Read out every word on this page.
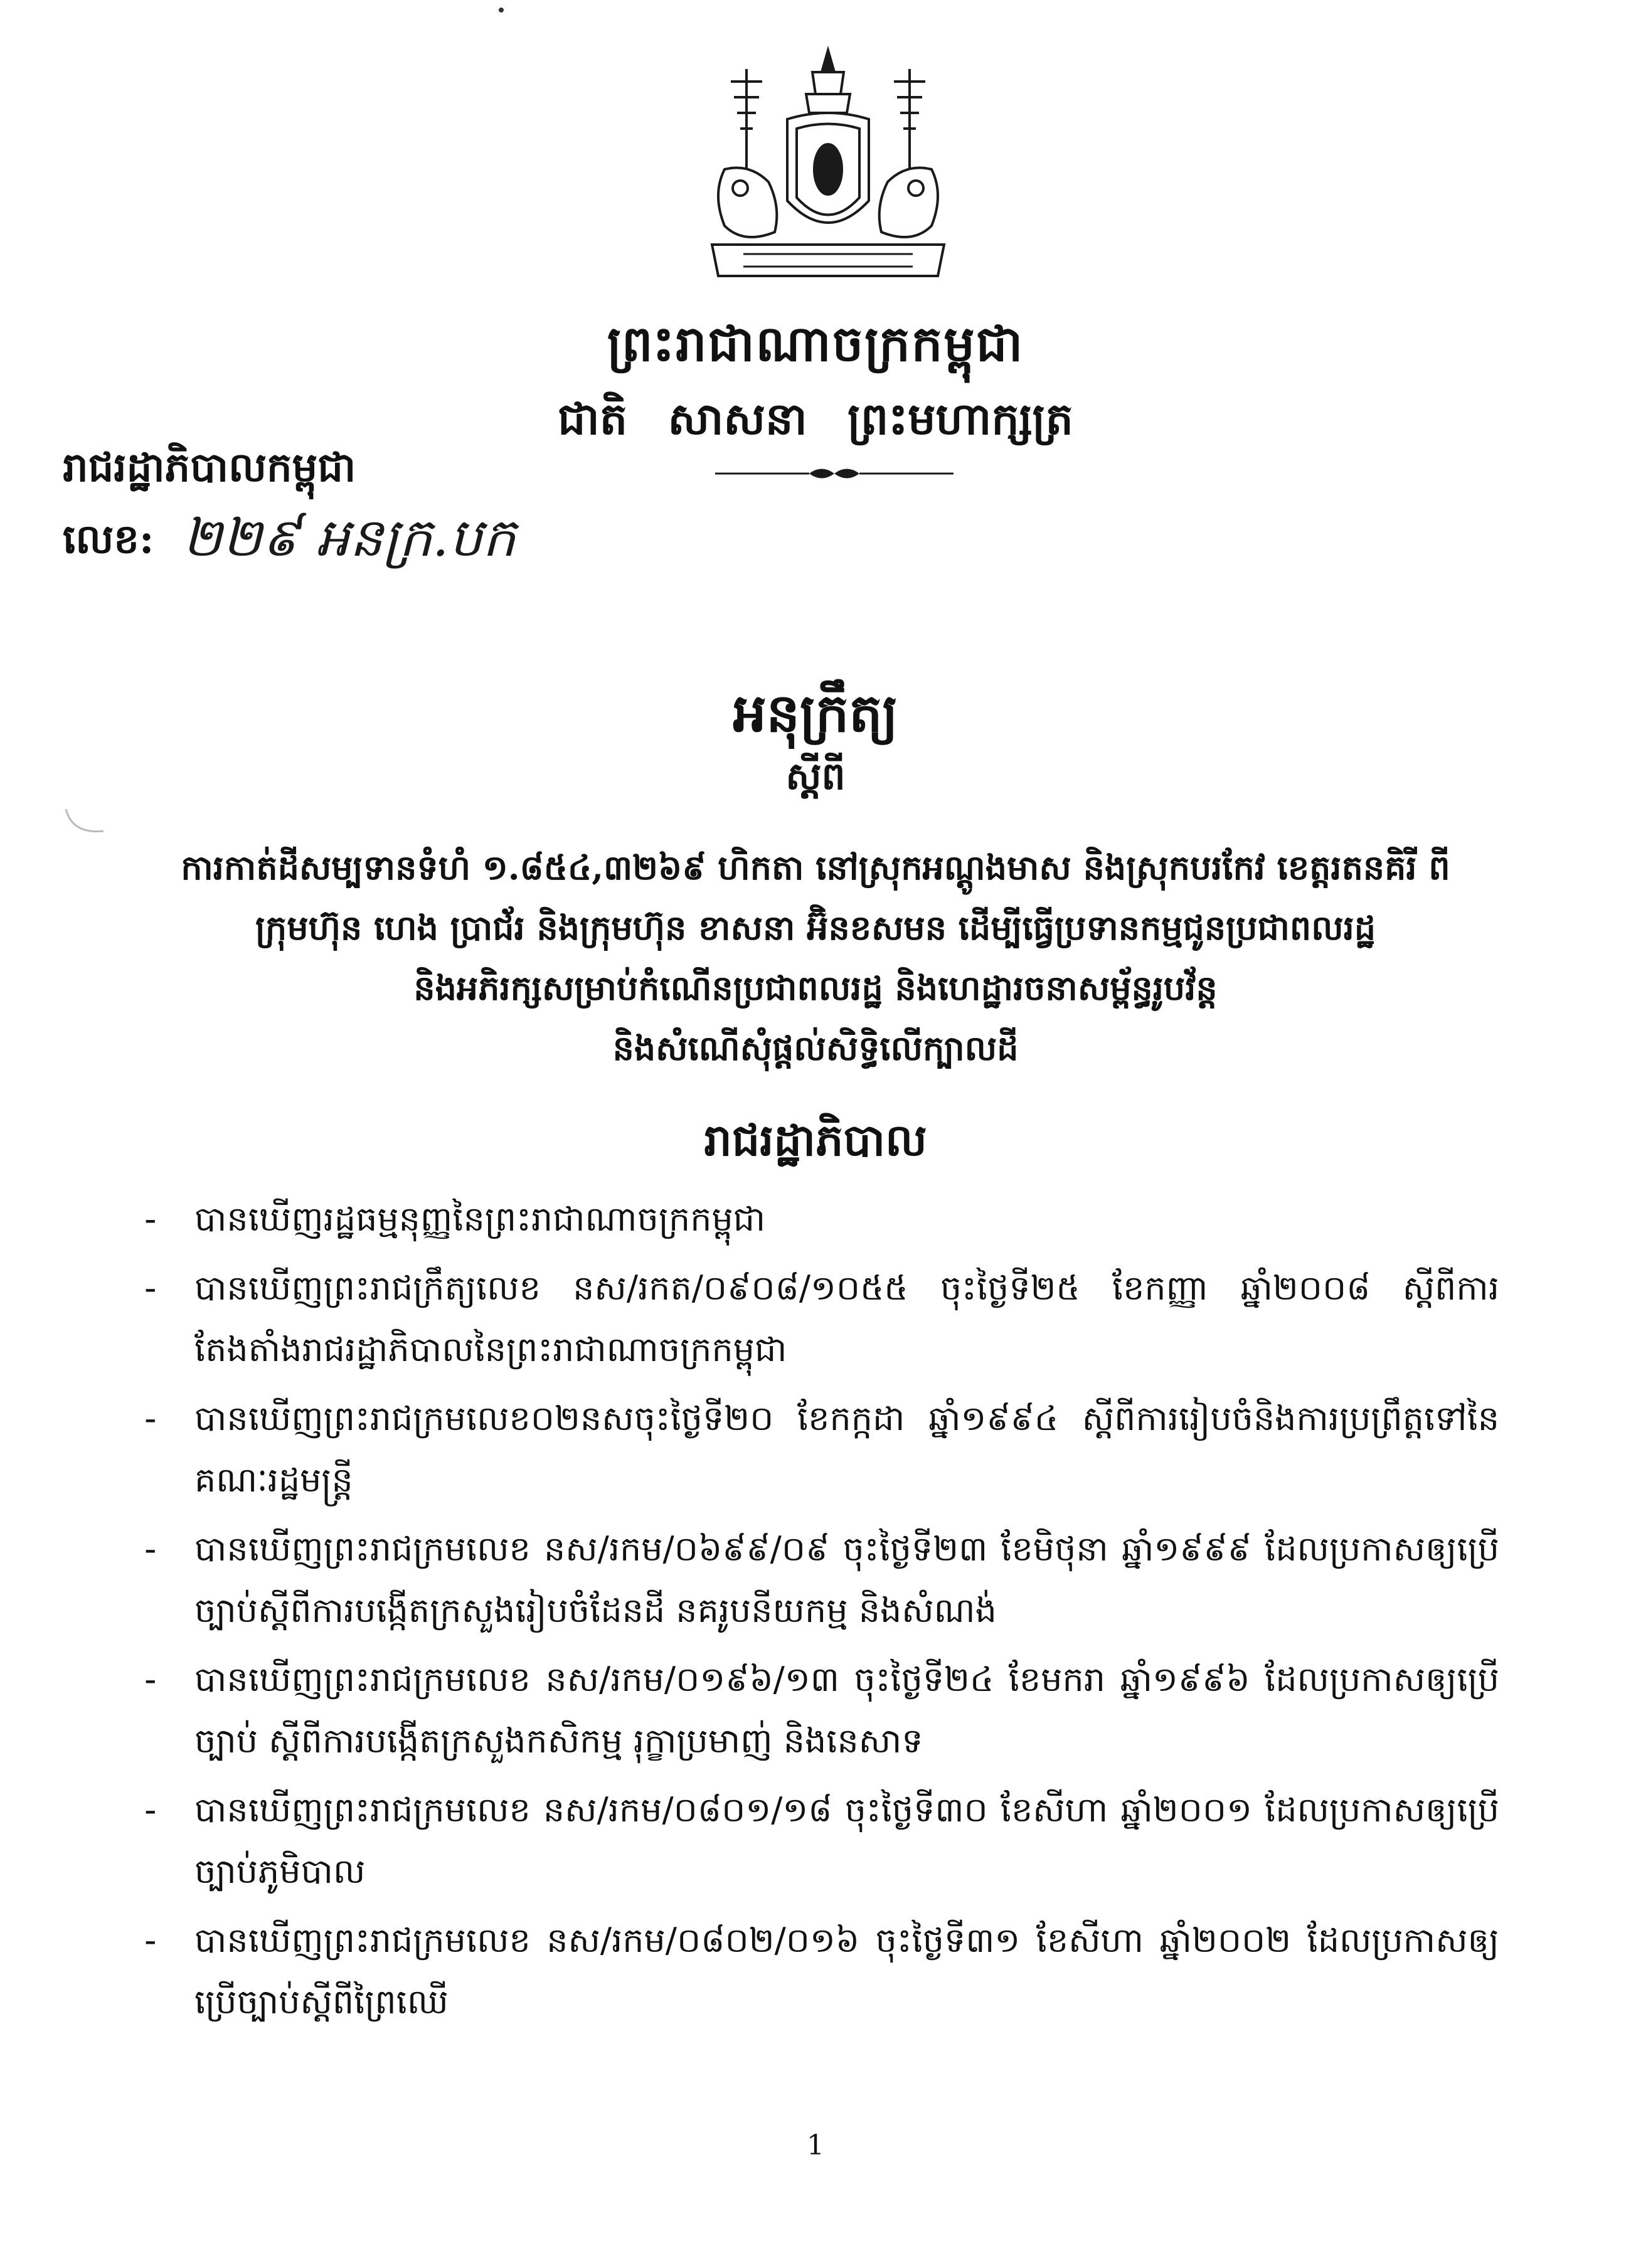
ព្រះរាជាណាចក្រកម្ពុជា
ជាតិ សាសនា ព្រះមហាក្សត្រ
រាជរដ្ឋាភិបាលកម្ពុជា
លេខ: ២២៩ អនក្រ.បក
អនុក្រឹត្យ
ស្តីពី
ការកាត់ដីសម្បទានទំហំ ១.៨៥៤,៣២៦៩ ហិកតា នៅស្រុកអណ្តូងមាស និងស្រុកបរកែវ ខេត្តរតនគិរី ពី
ក្រុមហ៊ុន ហេង ប្រាជ័រ និងក្រុមហ៊ុន ខាសនា អ៊ិនខសមន ដើម្បីធ្វើប្រទានកម្មជូនប្រជាពលរដ្ឋ
និងអភិរក្សសម្រាប់កំណើនប្រជាពលរដ្ឋ និងហេដ្ឋារចនាសម្ព័ន្ធរូបវ័ន្ត
និងសំណើសុំផ្តល់សិទ្ធិលើក្បាលដី
រាជរដ្ឋាភិបាល
- បានឃើញរដ្ឋធម្មនុញ្ញនៃព្រះរាជាណាចក្រកម្ពុជា
- បានឃើញព្រះរាជក្រឹត្យលេខ នស/រកត/០៩០៨/១០៥៥ ចុះថ្ងៃទី២៥ ខែកញ្ញា ឆ្នាំ២០០៨ ស្តីពីការតែងតាំងរាជរដ្ឋាភិបាលនៃព្រះរាជាណាចក្រកម្ពុជា
- បានឃើញព្រះរាជក្រមលេខ០២នសចុះថ្ងៃទី២០ ខែកក្កដា ឆ្នាំ១៩៩៤ ស្តីពីការរៀបចំនិងការប្រព្រឹត្តទៅនៃគណៈរដ្ឋមន្ត្រី
- បានឃើញព្រះរាជក្រមលេខ នស/រកម/០៦៩៩/០៩ ចុះថ្ងៃទី២៣ ខែមិថុនា ឆ្នាំ១៩៩៩ ដែលប្រកាសឲ្យប្រើច្បាប់ស្តីពីការបង្កើតក្រសួងរៀបចំដែនដី នគរូបនីយកម្ម និងសំណង់
- បានឃើញព្រះរាជក្រមលេខ នស/រកម/០១៩៦/១៣ ចុះថ្ងៃទី២៤ ខែមករា ឆ្នាំ១៩៩៦ ដែលប្រកាសឲ្យប្រើច្បាប់ ស្តីពីការបង្កើតក្រសួងកសិកម្ម រុក្ខាប្រមាញ់ និងនេសាទ
- បានឃើញព្រះរាជក្រមលេខ នស/រកម/០៨០១/១៨ ចុះថ្ងៃទី៣០ ខែសីហា ឆ្នាំ២០០១ ដែលប្រកាសឲ្យប្រើច្បាប់ភូមិបាល
- បានឃើញព្រះរាជក្រមលេខ នស/រកម/០៨០២/០១៦ ចុះថ្ងៃទី៣១ ខែសីហា ឆ្នាំ២០០២ ដែលប្រកាសឲ្យ ប្រើច្បាប់ស្តីពីព្រៃឈើ
1
